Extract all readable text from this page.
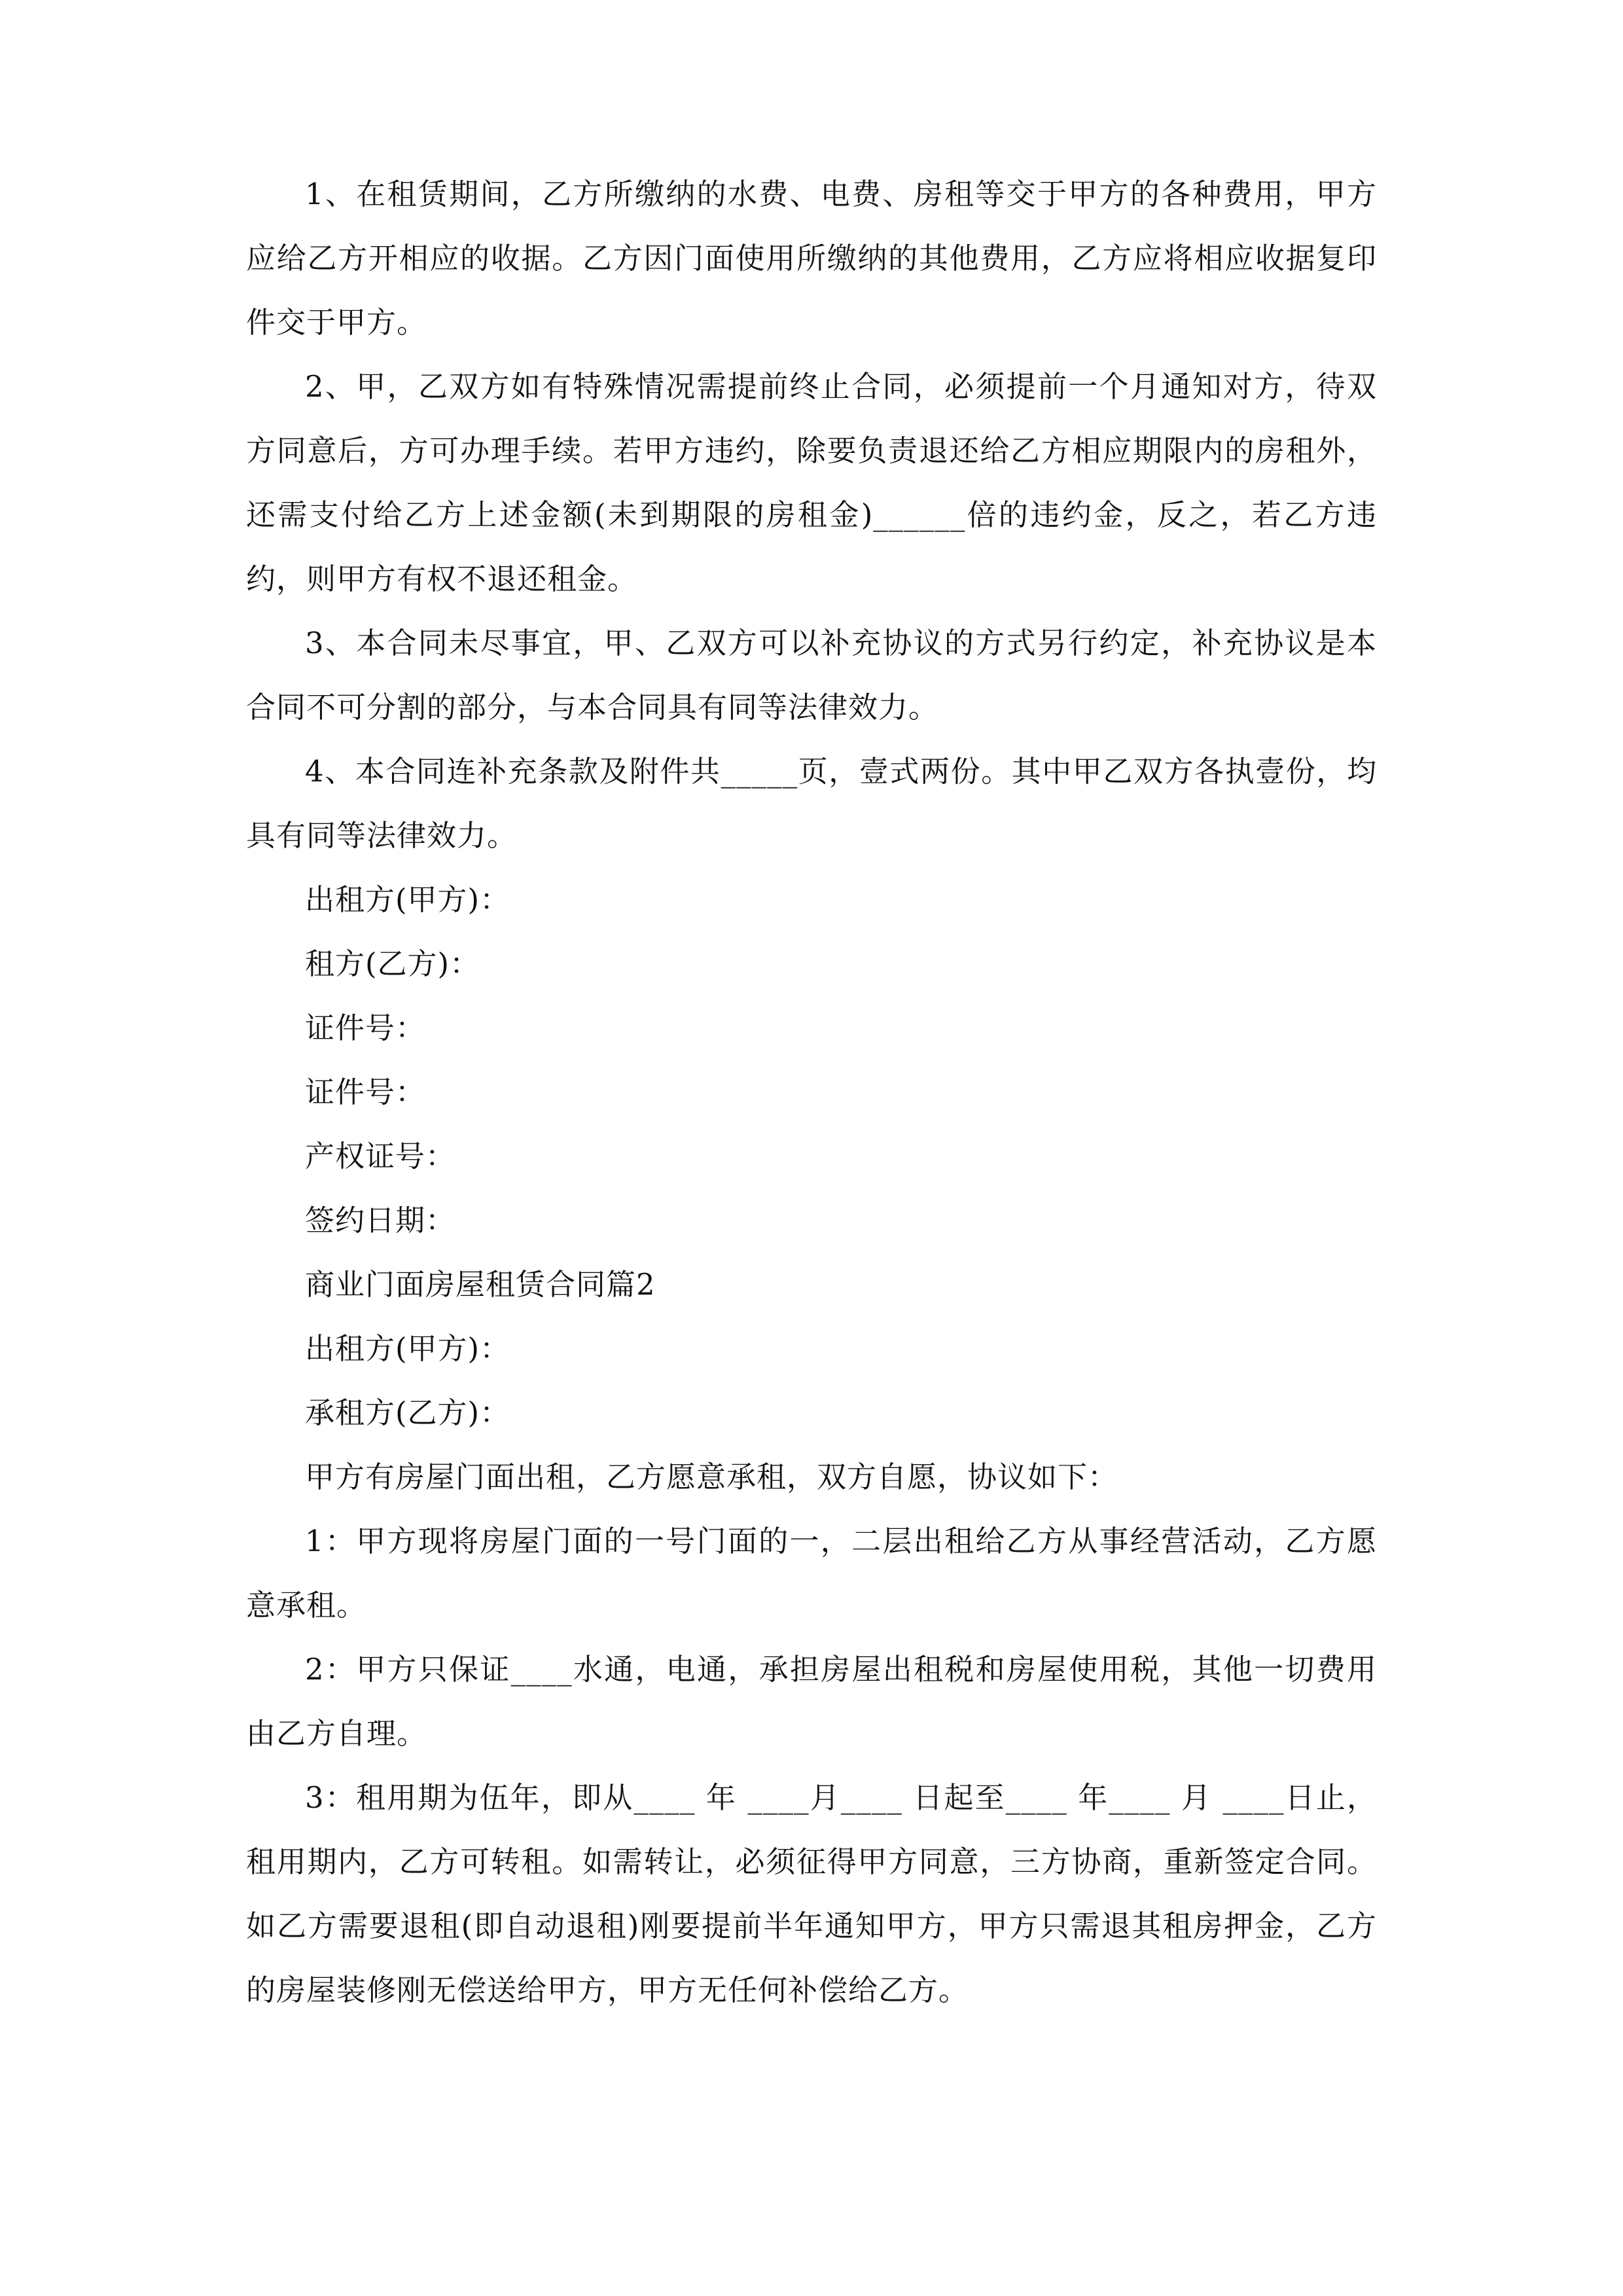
1、在租赁期间，乙方所缴纳的水费、电费、房租等交于甲方的各种费用，甲方应给乙方开相应的收据。乙方因门面使用所缴纳的其他费用，乙方应将相应收据复印件交于甲方。

2、甲，乙双方如有特殊情况需提前终止合同，必须提前一个月通知对方，待双方同意后，方可办理手续。若甲方违约，除要负责退还给乙方相应期限内的房租外，还需支付给乙方上述金额(未到期限的房租金)______倍的违约金，反之，若乙方违约，则甲方有权不退还租金。

3、本合同未尽事宜，甲、乙双方可以补充协议的方式另行约定，补充协议是本合同不可分割的部分，与本合同具有同等法律效力。

4、本合同连补充条款及附件共_____页，壹式两份。其中甲乙双方各执壹份，均具有同等法律效力。

出租方(甲方)：

租方(乙方)：

证件号：

证件号：

产权证号：

签约日期：

商业门面房屋租赁合同篇2

出租方(甲方)：

承租方(乙方)：

甲方有房屋门面出租，乙方愿意承租，双方自愿，协议如下：

1：甲方现将房屋门面的一号门面的一，二层出租给乙方从事经营活动，乙方愿意承租。

2：甲方只保证____水通，电通，承担房屋出租税和房屋使用税，其他一切费用由乙方自理。

3：租用期为伍年，即从____ 年 ____月____ 日起至____ 年____ 月 ____日止，租用期内，乙方可转租。如需转让，必须征得甲方同意，三方协商，重新签定合同。如乙方需要退租(即自动退租)刚要提前半年通知甲方，甲方只需退其租房押金，乙方的房屋装修刚无偿送给甲方，甲方无任何补偿给乙方。
